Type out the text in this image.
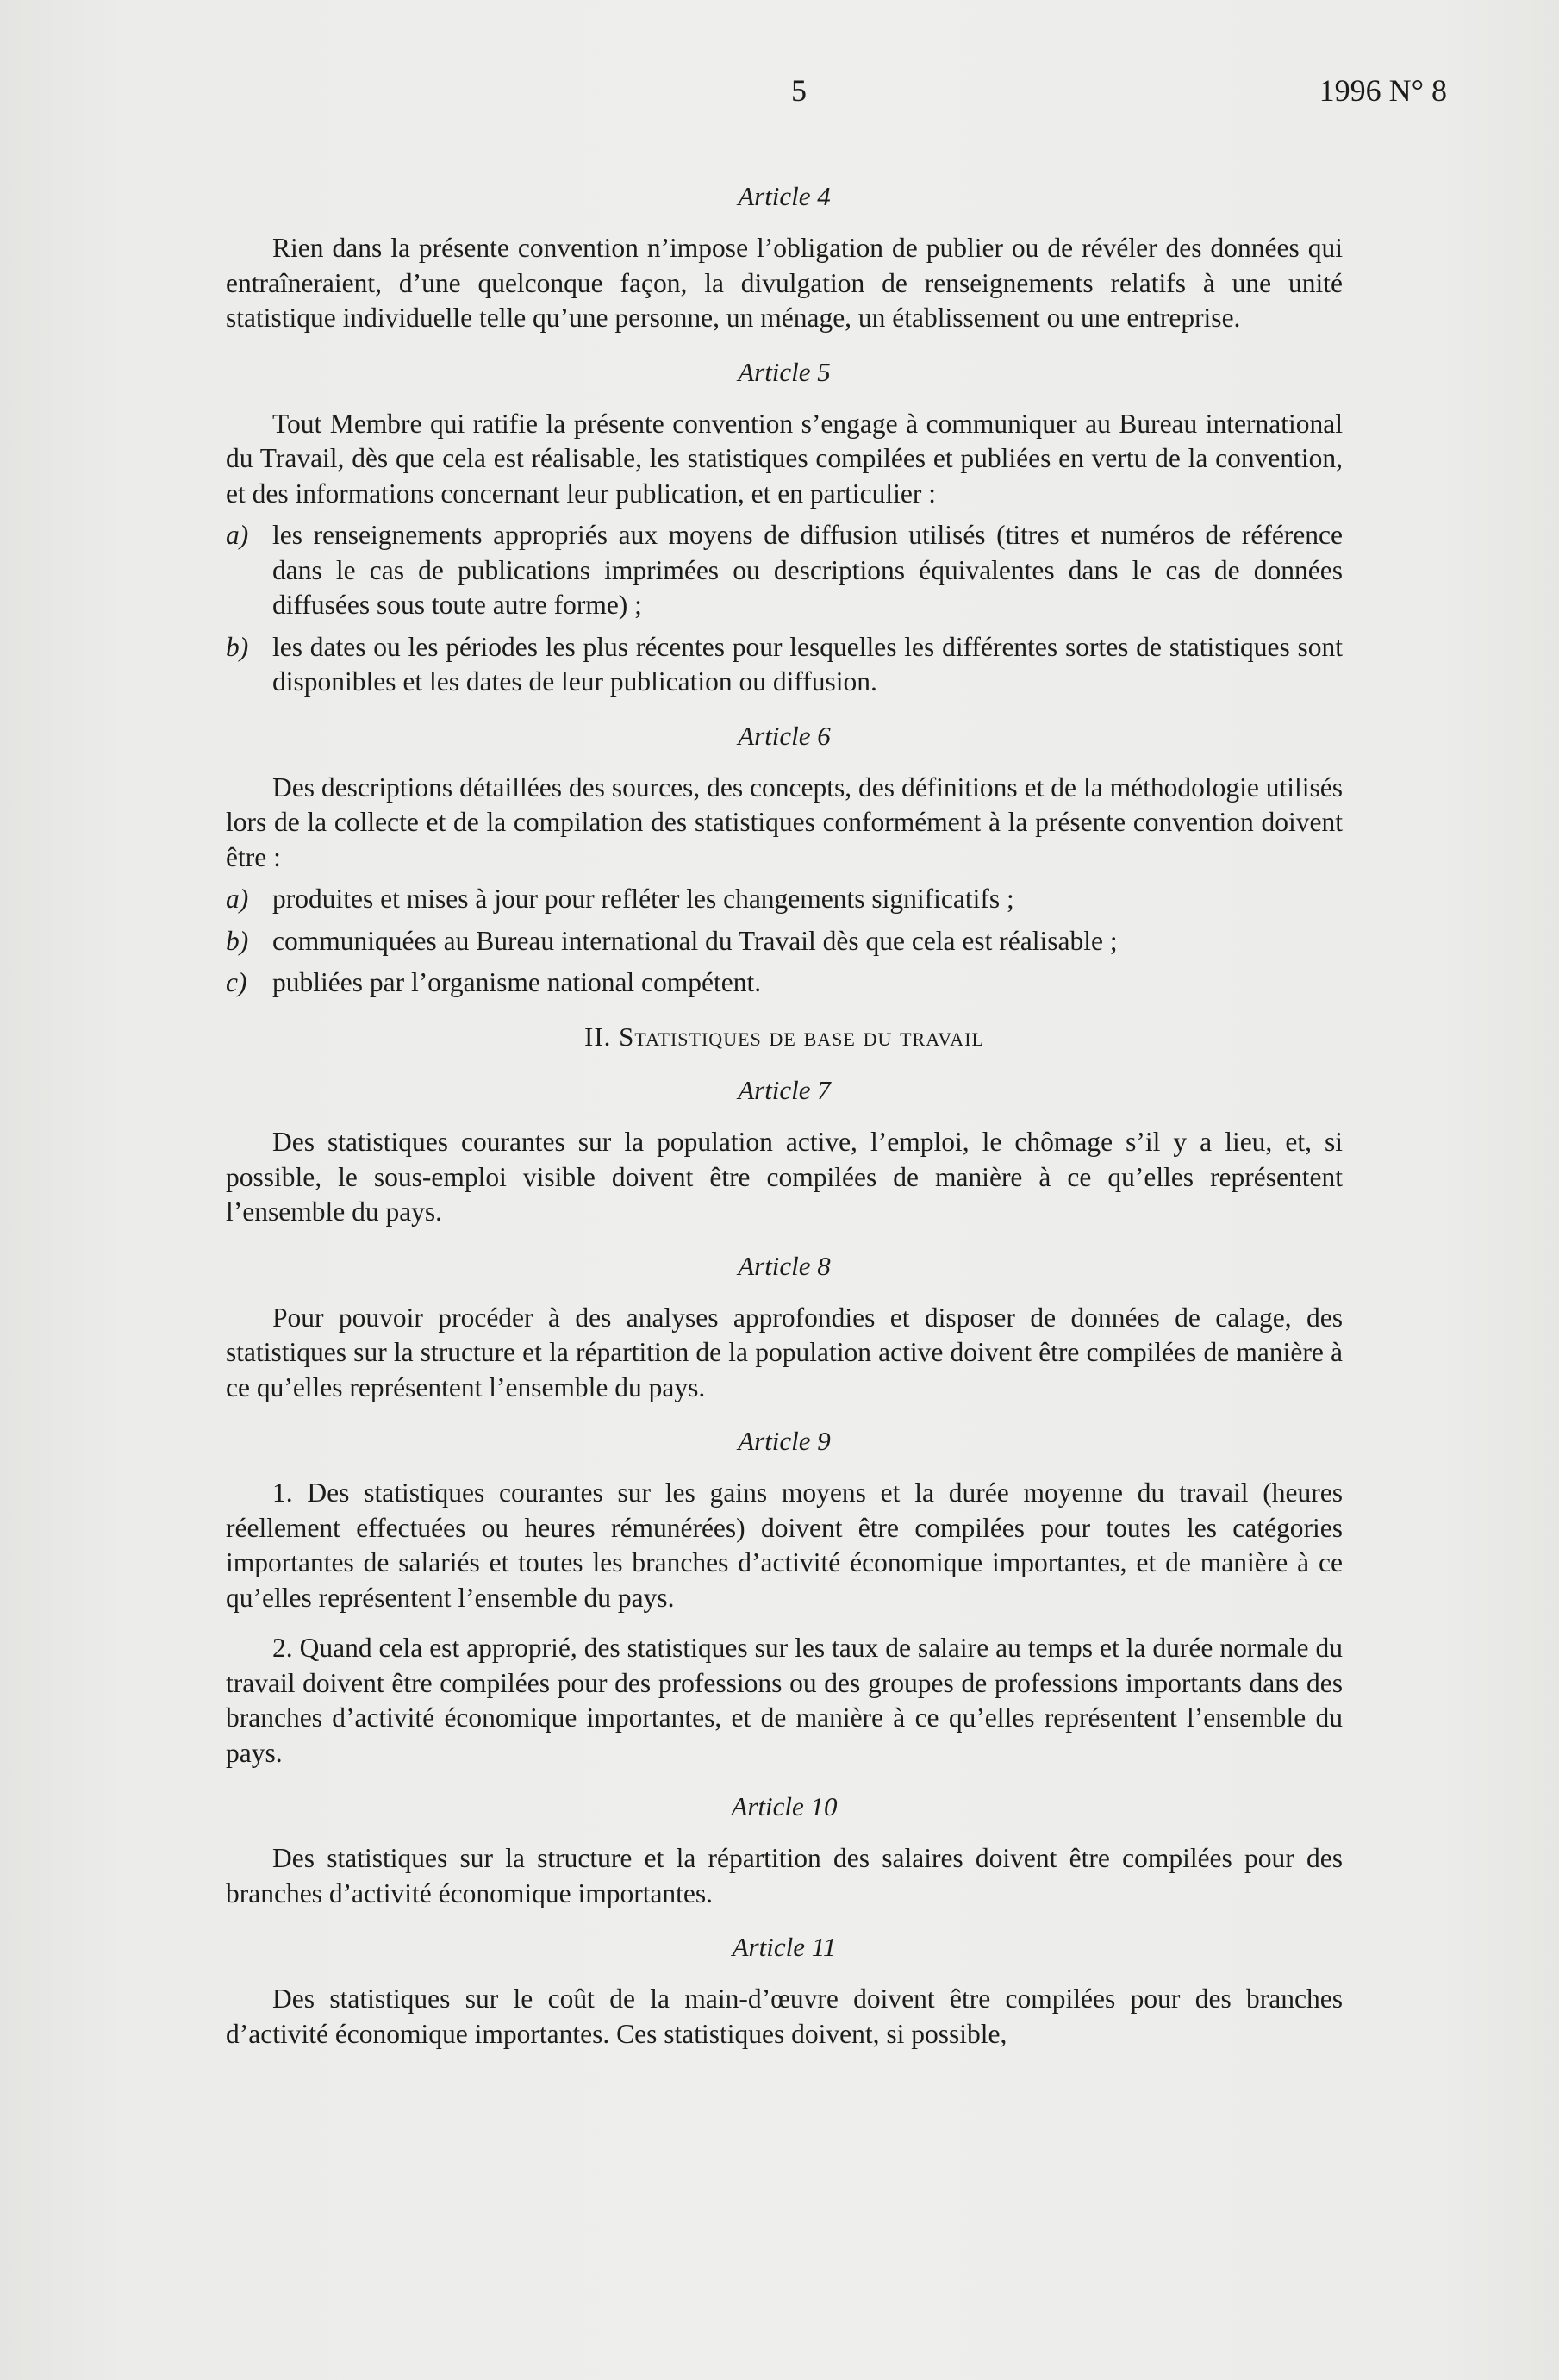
5	1996 N° 8
Article 4

Rien dans la présente convention n’impose l’obligation de publier ou de révéler des données qui entraîneraient, d’une quelconque façon, la divulgation de renseignements relatifs à une unité statistique individuelle telle qu’une personne, un ménage, un établissement ou une entreprise.

Article 5

Tout Membre qui ratifie la présente convention s’engage à communiquer au Bureau international du Travail, dès que cela est réalisable, les statistiques compilées et publiées en vertu de la convention, et des informations concernant leur publication, et en particulier :

a) les renseignements appropriés aux moyens de diffusion utilisés (titres et numéros de référence dans le cas de publications imprimées ou descriptions équivalentes dans le cas de données diffusées sous toute autre forme) ;
b) les dates ou les périodes les plus récentes pour lesquelles les différentes sortes de statistiques sont disponibles et les dates de leur publication ou diffusion.
Article 6

Des descriptions détaillées des sources, des concepts, des définitions et de la méthodologie utilisés lors de la collecte et de la compilation des statistiques conformément à la présente convention doivent être :

a) produites et mises à jour pour refléter les changements significatifs ;
b) communiquées au Bureau international du Travail dès que cela est réalisable ;
c) publiées par l’organisme national compétent.
II. Statistiques de base du travail
Article 7

Des statistiques courantes sur la population active, l’emploi, le chômage s’il y a lieu, et, si possible, le sous-emploi visible doivent être compilées de manière à ce qu’elles représentent l’ensemble du pays.

Article 8

Pour pouvoir procéder à des analyses approfondies et disposer de données de calage, des statistiques sur la structure et la répartition de la population active doivent être compilées de manière à ce qu’elles représentent l’ensemble du pays.

Article 9

1. Des statistiques courantes sur les gains moyens et la durée moyenne du travail (heures réellement effectuées ou heures rémunérées) doivent être compilées pour toutes les catégories importantes de salariés et toutes les branches d’activité économique importantes, et de manière à ce qu’elles représentent l’ensemble du pays.

2. Quand cela est approprié, des statistiques sur les taux de salaire au temps et la durée normale du travail doivent être compilées pour des professions ou des groupes de professions importants dans des branches d’activité économique importantes, et de manière à ce qu’elles représentent l’ensemble du pays.

Article 10

Des statistiques sur la structure et la répartition des salaires doivent être compilées pour des branches d’activité économique importantes.

Article 11

Des statistiques sur le coût de la main-d’œuvre doivent être compilées pour des branches d’activité économique importantes. Ces statistiques doivent, si possible,
